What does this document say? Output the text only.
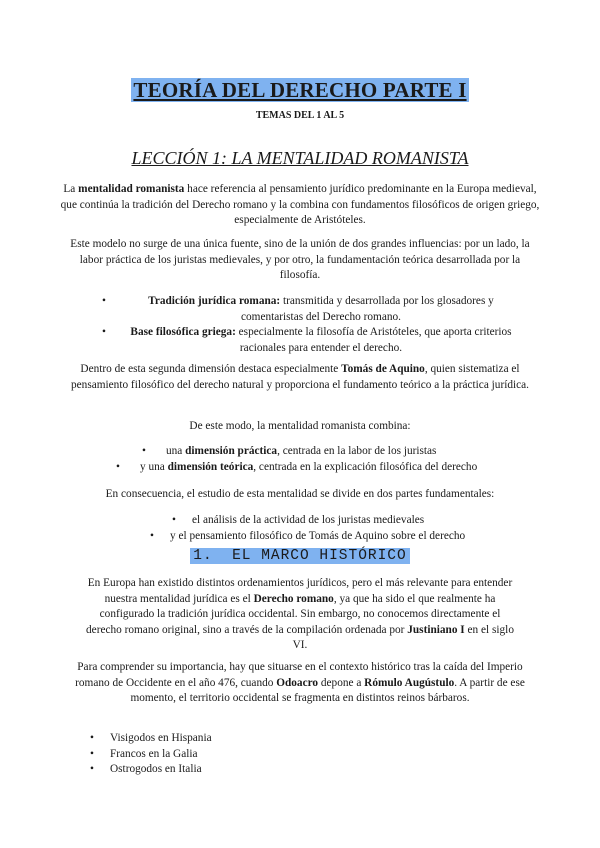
TEORÍA DEL DERECHO PARTE I
TEMAS DEL 1 AL 5
LECCIÓN 1: LA MENTALIDAD ROMANISTA
La mentalidad romanista hace referencia al pensamiento jurídico predominante en la Europa medieval, que continúa la tradición del Derecho romano y la combina con fundamentos filosóficos de origen griego, especialmente de Aristóteles.
Este modelo no surge de una única fuente, sino de la unión de dos grandes influencias: por un lado, la labor práctica de los juristas medievales, y por otro, la fundamentación teórica desarrollada por la filosofía.
• Tradición jurídica romana: transmitida y desarrollada por los glosadores y comentaristas del Derecho romano.
• Base filosófica griega: especialmente la filosofía de Aristóteles, que aporta criterios racionales para entender el derecho.
Dentro de esta segunda dimensión destaca especialmente Tomás de Aquino, quien sistematiza el pensamiento filosófico del derecho natural y proporciona el fundamento teórico a la práctica jurídica.
De este modo, la mentalidad romanista combina:
• una dimensión práctica, centrada en la labor de los juristas
• y una dimensión teórica, centrada en la explicación filosófica del derecho
En consecuencia, el estudio de esta mentalidad se divide en dos partes fundamentales:
• el análisis de la actividad de los juristas medievales
• y el pensamiento filosófico de Tomás de Aquino sobre el derecho
1.  EL MARCO HISTÓRICO
En Europa han existido distintos ordenamientos jurídicos, pero el más relevante para entender nuestra mentalidad jurídica es el Derecho romano, ya que ha sido el que realmente ha configurado la tradición jurídica occidental. Sin embargo, no conocemos directamente el derecho romano original, sino a través de la compilación ordenada por Justiniano I en el siglo VI.
Para comprender su importancia, hay que situarse en el contexto histórico tras la caída del Imperio romano de Occidente en el año 476, cuando Odoacro depone a Rómulo Augústulo. A partir de ese momento, el territorio occidental se fragmenta en distintos reinos bárbaros.
• Visigodos en Hispania
• Francos en la Galia
• Ostrogodos en Italia
